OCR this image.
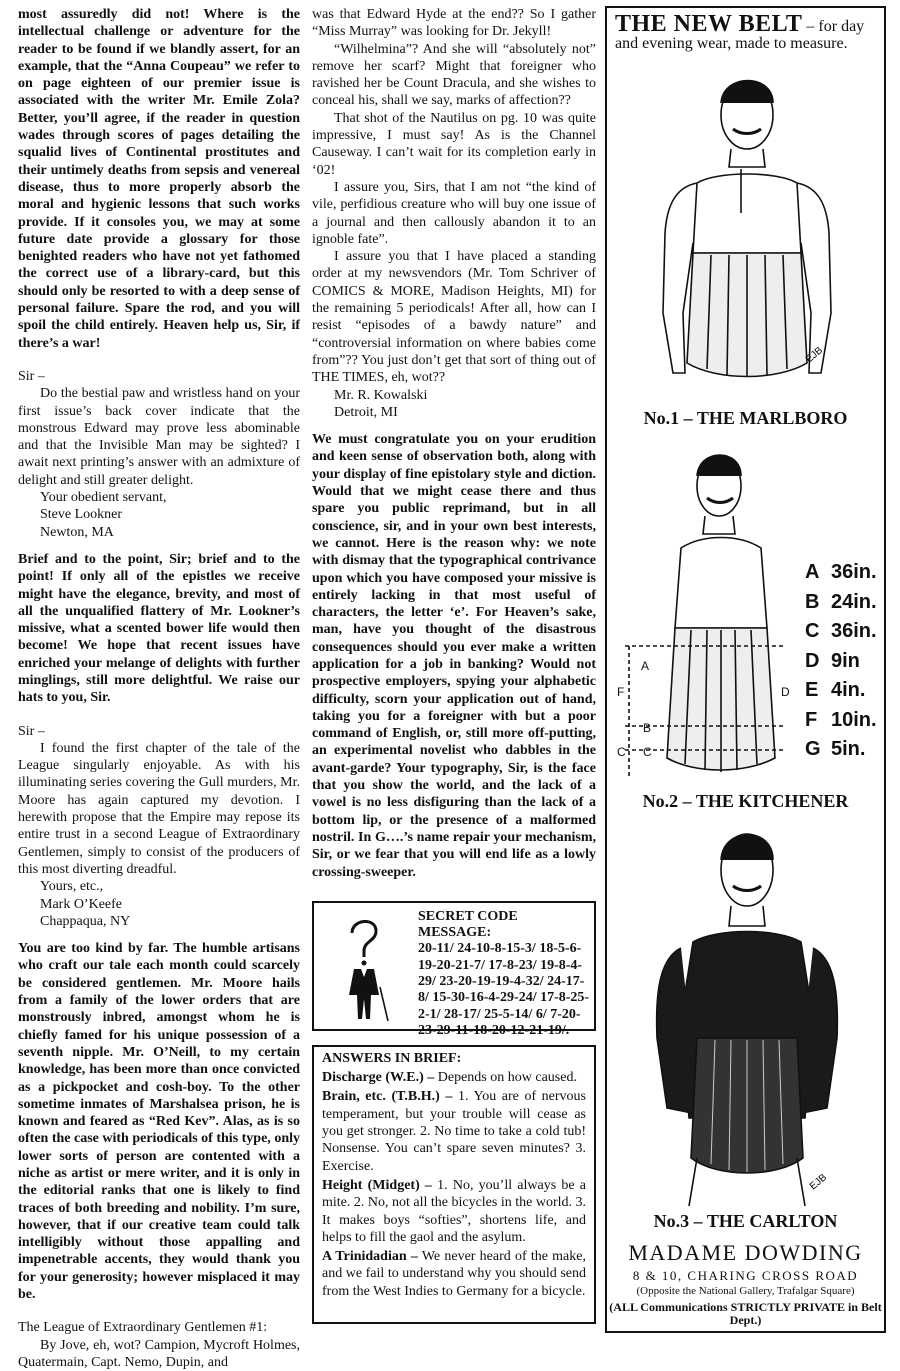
most assuredly did not! Where is the intellectual challenge or adventure for the reader to be found if we blandly assert, for an example, that the “Anna Coupeau” we refer to on page eighteen of our premier issue is associated with the writer Mr. Emile Zola? Better, you’ll agree, if the reader in question wades through scores of pages detailing the squalid lives of Continental prostitutes and their untimely deaths from sepsis and venereal disease, thus to more properly absorb the moral and hygienic lessons that such works provide. If it consoles you, we may at some future date provide a glossary for those benighted readers who have not yet fathomed the correct use of a library-card, but this should only be resorted to with a deep sense of personal failure. Spare the rod, and you will spoil the child entirely. Heaven help us, Sir, if there’s a war!

Sir –

Do the bestial paw and wristless hand on your first issue’s back cover indicate that the monstrous Edward may prove less abominable and that the Invisible Man may be sighted? I await next printing’s answer with an admixture of delight and still greater delight.

Your obedient servant,

Steve Lookner

Newton, MA

Brief and to the point, Sir; brief and to the point! If only all of the epistles we receive might have the elegance, brevity, and most of all the unqualified flattery of Mr. Lookner’s missive, what a scented bower life would then become! We hope that recent issues have enriched your melange of delights with further minglings, still more delightful. We raise our hats to you, Sir.

Sir –

I found the first chapter of the tale of the League singularly enjoyable. As with his illuminating series covering the Gull murders, Mr. Moore has again captured my devotion. I herewith propose that the Empire may repose its entire trust in a second League of Extraordinary Gentlemen, simply to consist of the producers of this most diverting dreadful.

Yours, etc.,

Mark O’Keefe

Chappaqua, NY

You are too kind by far. The humble artisans who craft our tale each month could scarcely be considered gentlemen. Mr. Moore hails from a family of the lower orders that are monstrously inbred, amongst whom he is chiefly famed for his unique possession of a seventh nipple. Mr. O’Neill, to my certain knowledge, has been more than once convicted as a pickpocket and cosh-boy. To the other sometime inmates of Marshalsea prison, he is known and feared as “Red Kev”. Alas, as is so often the case with periodicals of this type, only lower sorts of person are contented with a niche as artist or mere writer, and it is only in the editorial ranks that one is likely to find traces of both breeding and nobility. I’m sure, however, that if our creative team could talk intelligibly without those appalling and impenetrable accents, they would thank you for your generosity; however misplaced it may be.

The League of Extraordinary Gentlemen #1:

By Jove, eh, wot? Campion, Mycroft Holmes, Quatermain, Capt. Nemo, Dupin, and

was that Edward Hyde at the end?? So I gather “Miss Murray” was looking for Dr. Jekyll!

“Wilhelmina”? And she will “absolutely not” remove her scarf? Might that foreigner who ravished her be Count Dracula, and she wishes to conceal his, shall we say, marks of affection??

That shot of the Nautilus on pg. 10 was quite impressive, I must say! As is the Channel Causeway. I can’t wait for its completion early in ‘02!

I assure you, Sirs, that I am not “the kind of vile, perfidious creature who will buy one issue of a journal and then callously abandon it to an ignoble fate”.

I assure you that I have placed a standing order at my newsvendors (Mr. Tom Schriver of COMICS & MORE, Madison Heights, MI) for the remaining 5 periodicals! After all, how can I resist “episodes of a bawdy nature” and “controversial information on where babies come from”?? You just don’t get that sort of thing out of THE TIMES, eh, wot??

Mr. R. Kowalski

Detroit, MI

We must congratulate you on your erudition and keen sense of observation both, along with your display of fine epistolary style and diction. Would that we might cease there and thus spare you public reprimand, but in all conscience, sir, and in your own best interests, we cannot. Here is the reason why: we note with dismay that the typographical contrivance upon which you have composed your missive is entirely lacking in that most useful of characters, the letter ‘e’. For Heaven’s sake, man, have you thought of the disastrous consequences should you ever make a written application for a job in banking? Would not prospective employers, spying your alphabetic difficulty, scorn your application out of hand, taking you for a foreigner with but a poor command of English, or, still more off-putting, an experimental novelist who dabbles in the avant-garde? Your typography, Sir, is the face that you show the world, and the lack of a vowel is no less disfiguring than the lack of a bottom lip, or the presence of a malformed nostril. In G….’s name repair your mechanism, Sir, or we fear that you will end life as a lowly crossing-sweeper.

SECRET CODE MESSAGE:
20-11/ 24-10-8-15-3/ 18-5-6-19-20-21-7/ 17-8-23/ 19-8-4-29/ 23-20-19-19-4-32/ 24-17-8/ 15-30-16-4-29-24/ 17-8-25-2-1/ 28-17/ 25-5-14/ 6/ 7-20-23-29-11-18-20-12-21-19/.

ANSWERS IN BRIEF:

Discharge (W.E.) – Depends on how caused.

Brain, etc. (T.B.H.) – 1. You are of nervous temperament, but your trouble will cease as you get stronger. 2. No time to take a cold tub! Nonsense. You can’t spare seven minutes? 3. Exercise.

Height (Midget) – 1. No, you’ll always be a mite. 2. No, not all the bicycles in the world. 3. It makes boys “softies”, shortens life, and helps to fill the gaol and the asylum.

A Trinidadian – We never heard of the make, and we fail to understand why you should send from the West Indies to Germany for a bicycle.

THE NEW BELT – for day
and evening wear, made to measure.
EJB
No.1 – THE MARLBORO
A
B
C
C
F	D
A 36in.
B 24in.
C 36in.
D 9in
E 4in.
F 10in.
G 5in.
No.2 – THE KITCHENER
EJB
No.3 – THE CARLTON
MADAME DOWDING
8 & 10, CHARING CROSS ROAD
(Opposite the National Gallery, Trafalgar Square)
(ALL Communications STRICTLY PRIVATE in Belt Dept.)
